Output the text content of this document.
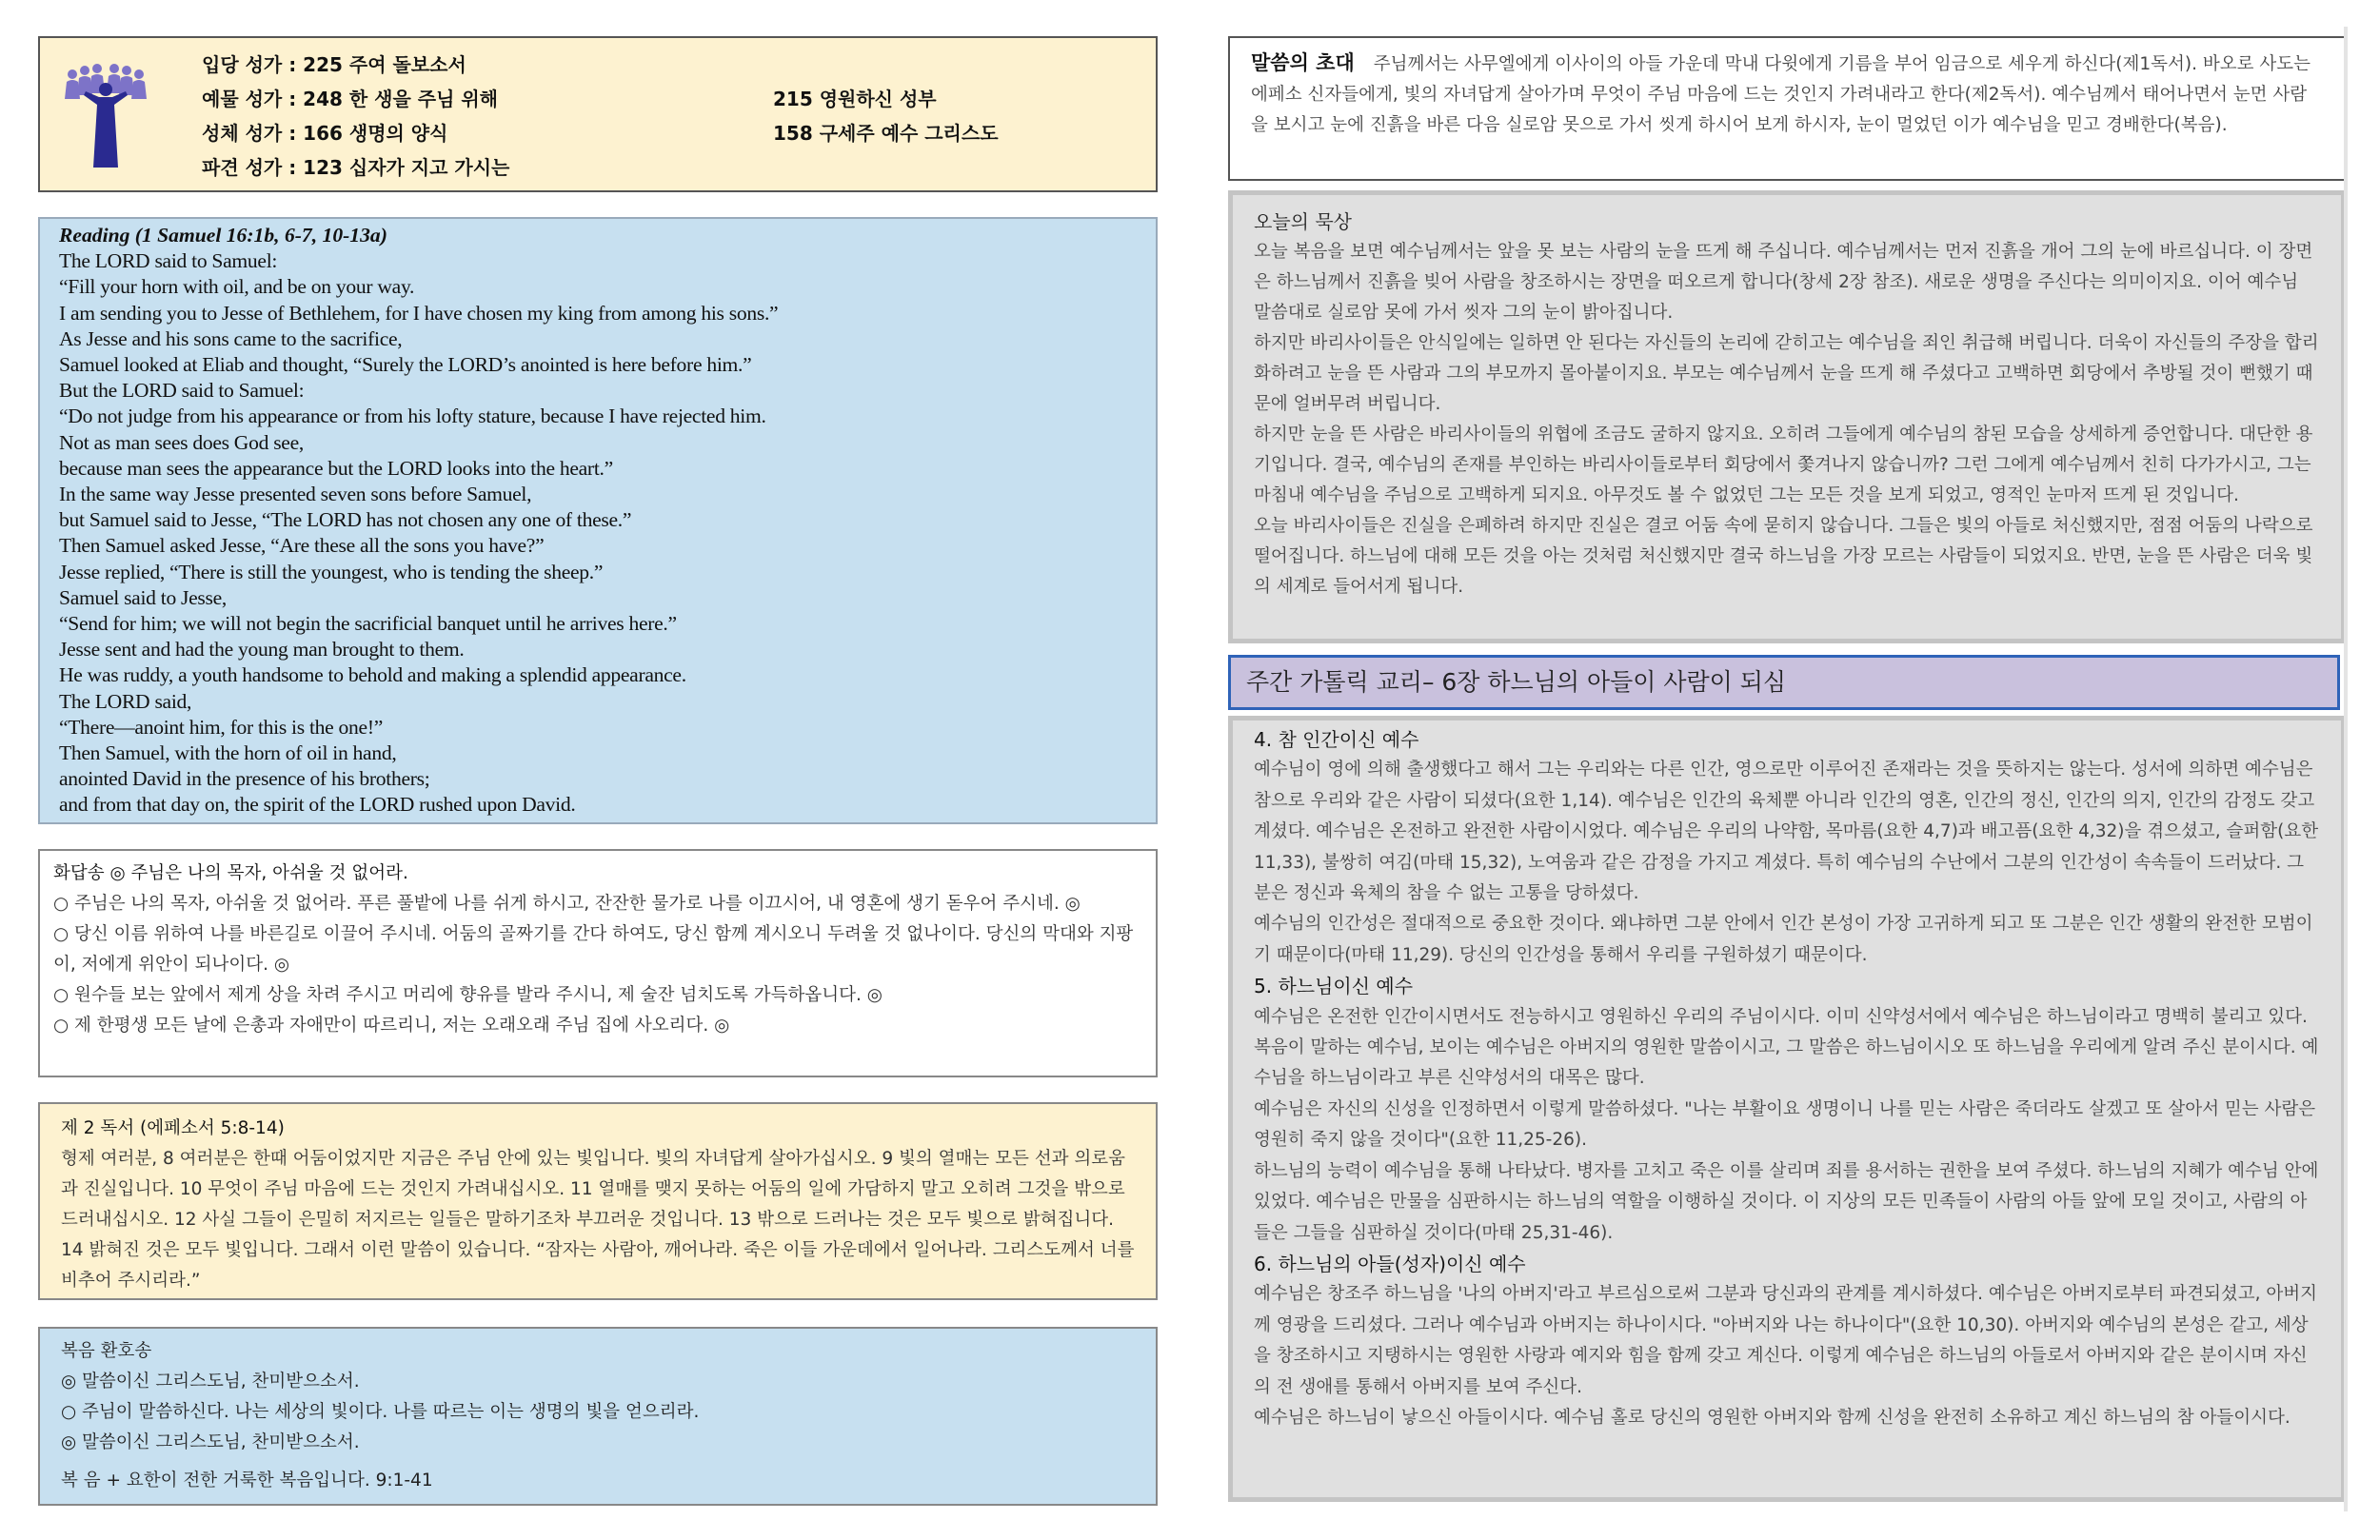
입당 성가 : 225 주여 돌보소서
예물 성가 : 248 한 생을 주님 위해
성체 성가 : 166 생명의 양식
파견 성가 : 123 십자가 지고 가시는
215 영원하신 성부
158 구세주 예수 그리스도
Reading (1 Samuel 16:1b, 6-7, 10-13a)
The LORD said to Samuel:
“Fill your horn with oil, and be on your way.
I am sending you to Jesse of Bethlehem, for I have chosen my king from among his sons.”
As Jesse and his sons came to the sacrifice,
Samuel looked at Eliab and thought, “Surely the LORD’s anointed is here before him.”
But the LORD said to Samuel:
“Do not judge from his appearance or from his lofty stature, because I have rejected him.
Not as man sees does God see,
because man sees the appearance but the LORD looks into the heart.”
In the same way Jesse presented seven sons before Samuel,
but Samuel said to Jesse, “The LORD has not chosen any one of these.”
Then Samuel asked Jesse, “Are these all the sons you have?”
Jesse replied, “There is still the youngest, who is tending the sheep.”
Samuel said to Jesse,
“Send for him; we will not begin the sacrificial banquet until he arrives here.”
Jesse sent and had the young man brought to them.
He was ruddy, a youth handsome to behold and making a splendid appearance.
The LORD said,
“There—anoint him, for this is the one!”
Then Samuel, with the horn of oil in hand,
anointed David in the presence of his brothers;
and from that day on, the spirit of the LORD rushed upon David.

화답송 ◎ 주님은 나의 목자, 아쉬울 것 없어라.

○ 주님은 나의 목자, 아쉬울 것 없어라. 푸른 풀밭에 나를 쉬게 하시고, 잔잔한 물가로 나를 이끄시어, 내 영혼에 생기 돋우어 주시네. ◎

○ 당신 이름 위하여 나를 바른길로 이끌어 주시네. 어둠의 골짜기를 간다 하여도, 당신 함께 계시오니 두려울 것 없나이다. 당신의 막대와 지팡이, 저에게 위안이 되나이다. ◎

○ 원수들 보는 앞에서 제게 상을 차려 주시고 머리에 향유를 발라 주시니, 제 술잔 넘치도록 가득하옵니다. ◎

○ 제 한평생 모든 날에 은총과 자애만이 따르리니, 저는 오래오래 주님 집에 사오리다. ◎

제 2 독서 (에페소서 5:8-14)

형제 여러분, 8 여러분은 한때 어둠이었지만 지금은 주님 안에 있는 빛입니다. 빛의 자녀답게 살아가십시오. 9 빛의 열매는 모든 선과 의로움과 진실입니다. 10 무엇이 주님 마음에 드는 것인지 가려내십시오. 11 열매를 맺지 못하는 어둠의 일에 가담하지 말고 오히려 그것을 밖으로 드러내십시오. 12 사실 그들이 은밀히 저지르는 일들은 말하기조차 부끄러운 것입니다. 13 밖으로 드러나는 것은 모두 빛으로 밝혀집니다. 14 밝혀진 것은 모두 빛입니다. 그래서 이런 말씀이 있습니다. “잠자는 사람아, 깨어나라. 죽은 이들 가운데에서 일어나라. 그리스도께서 너를 비추어 주시리라.”

복음 환호송

◎ 말씀이신 그리스도님, 찬미받으소서.

○ 주님이 말씀하신다. 나는 세상의 빛이다. 나를 따르는 이는 생명의 빛을 얻으리라.

◎ 말씀이신 그리스도님, 찬미받으소서.

복 음 + 요한이 전한 거룩한 복음입니다. 9:1-41

말씀의 초대 주님께서는 사무엘에게 이사이의 아들 가운데 막내 다윗에게 기름을 부어 임금으로 세우게 하신다(제1독서). 바오로 사도는 에페소 신자들에게, 빛의 자녀답게 살아가며 무엇이 주님 마음에 드는 것인지 가려내라고 한다(제2독서). 예수님께서 태어나면서 눈먼 사람을 보시고 눈에 진흙을 바른 다음 실로암 못으로 가서 씻게 하시어 보게 하시자, 눈이 멀었던 이가 예수님을 믿고 경배한다(복음).

오늘의 묵상

오늘 복음을 보면 예수님께서는 앞을 못 보는 사람의 눈을 뜨게 해 주십니다. 예수님께서는 먼저 진흙을 개어 그의 눈에 바르십니다. 이 장면은 하느님께서 진흙을 빚어 사람을 창조하시는 장면을 떠오르게 합니다(창세 2장 참조). 새로운 생명을 주신다는 의미이지요. 이어 예수님 말씀대로 실로암 못에 가서 씻자 그의 눈이 밝아집니다.

하지만 바리사이들은 안식일에는 일하면 안 된다는 자신들의 논리에 갇히고는 예수님을 죄인 취급해 버립니다. 더욱이 자신들의 주장을 합리화하려고 눈을 뜬 사람과 그의 부모까지 몰아붙이지요. 부모는 예수님께서 눈을 뜨게 해 주셨다고 고백하면 회당에서 추방될 것이 뻔했기 때문에 얼버무려 버립니다.

하지만 눈을 뜬 사람은 바리사이들의 위협에 조금도 굴하지 않지요. 오히려 그들에게 예수님의 참된 모습을 상세하게 증언합니다. 대단한 용기입니다. 결국, 예수님의 존재를 부인하는 바리사이들로부터 회당에서 쫓겨나지 않습니까? 그런 그에게 예수님께서 친히 다가가시고, 그는 마침내 예수님을 주님으로 고백하게 되지요. 아무것도 볼 수 없었던 그는 모든 것을 보게 되었고, 영적인 눈마저 뜨게 된 것입니다.

오늘 바리사이들은 진실을 은폐하려 하지만 진실은 결코 어둠 속에 묻히지 않습니다. 그들은 빛의 아들로 처신했지만, 점점 어둠의 나락으로 떨어집니다. 하느님에 대해 모든 것을 아는 것처럼 처신했지만 결국 하느님을 가장 모르는 사람들이 되었지요. 반면, 눈을 뜬 사람은 더욱 빛의 세계로 들어서게 됩니다.

주간 가톨릭 교리– 6장 하느님의 아들이 사람이 되심

4. 참 인간이신 예수

예수님이 영에 의해 출생했다고 해서 그는 우리와는 다른 인간, 영으로만 이루어진 존재라는 것을 뜻하지는 않는다. 성서에 의하면 예수님은 참으로 우리와 같은 사람이 되셨다(요한 1,14). 예수님은 인간의 육체뿐 아니라 인간의 영혼, 인간의 정신, 인간의 의지, 인간의 감정도 갖고 계셨다. 예수님은 온전하고 완전한 사람이시었다. 예수님은 우리의 나약함, 목마름(요한 4,7)과 배고픔(요한 4,32)을 겪으셨고, 슬퍼함(요한 11,33), 불쌍히 여김(마태 15,32), 노여움과 같은 감정을 가지고 계셨다. 특히 예수님의 수난에서 그분의 인간성이 속속들이 드러났다. 그분은 정신과 육체의 참을 수 없는 고통을 당하셨다.

예수님의 인간성은 절대적으로 중요한 것이다. 왜냐하면 그분 안에서 인간 본성이 가장 고귀하게 되고 또 그분은 인간 생활의 완전한 모범이기 때문이다(마태 11,29). 당신의 인간성을 통해서 우리를 구원하셨기 때문이다.

5. 하느님이신 예수

예수님은 온전한 인간이시면서도 전능하시고 영원하신 우리의 주님이시다. 이미 신약성서에서 예수님은 하느님이라고 명백히 불리고 있다. 복음이 말하는 예수님, 보이는 예수님은 아버지의 영원한 말씀이시고, 그 말씀은 하느님이시오 또 하느님을 우리에게 알려 주신 분이시다. 예수님을 하느님이라고 부른 신약성서의 대목은 많다.

예수님은 자신의 신성을 인정하면서 이렇게 말씀하셨다. "나는 부활이요 생명이니 나를 믿는 사람은 죽더라도 살겠고 또 살아서 믿는 사람은 영원히 죽지 않을 것이다"(요한 11,25-26).

하느님의 능력이 예수님을 통해 나타났다. 병자를 고치고 죽은 이를 살리며 죄를 용서하는 권한을 보여 주셨다. 하느님의 지혜가 예수님 안에 있었다. 예수님은 만물을 심판하시는 하느님의 역할을 이행하실 것이다. 이 지상의 모든 민족들이 사람의 아들 앞에 모일 것이고, 사람의 아들은 그들을 심판하실 것이다(마태 25,31-46).

6. 하느님의 아들(성자)이신 예수

예수님은 창조주 하느님을 '나의 아버지'라고 부르심으로써 그분과 당신과의 관계를 계시하셨다. 예수님은 아버지로부터 파견되셨고, 아버지께 영광을 드리셨다. 그러나 예수님과 아버지는 하나이시다. "아버지와 나는 하나이다"(요한 10,30). 아버지와 예수님의 본성은 같고, 세상을 창조하시고 지탱하시는 영원한 사랑과 예지와 힘을 함께 갖고 계신다. 이렇게 예수님은 하느님의 아들로서 아버지와 같은 분이시며 자신의 전 생애를 통해서 아버지를 보여 주신다.

예수님은 하느님이 낳으신 아들이시다. 예수님 홀로 당신의 영원한 아버지와 함께 신성을 완전히 소유하고 계신 하느님의 참 아들이시다.
